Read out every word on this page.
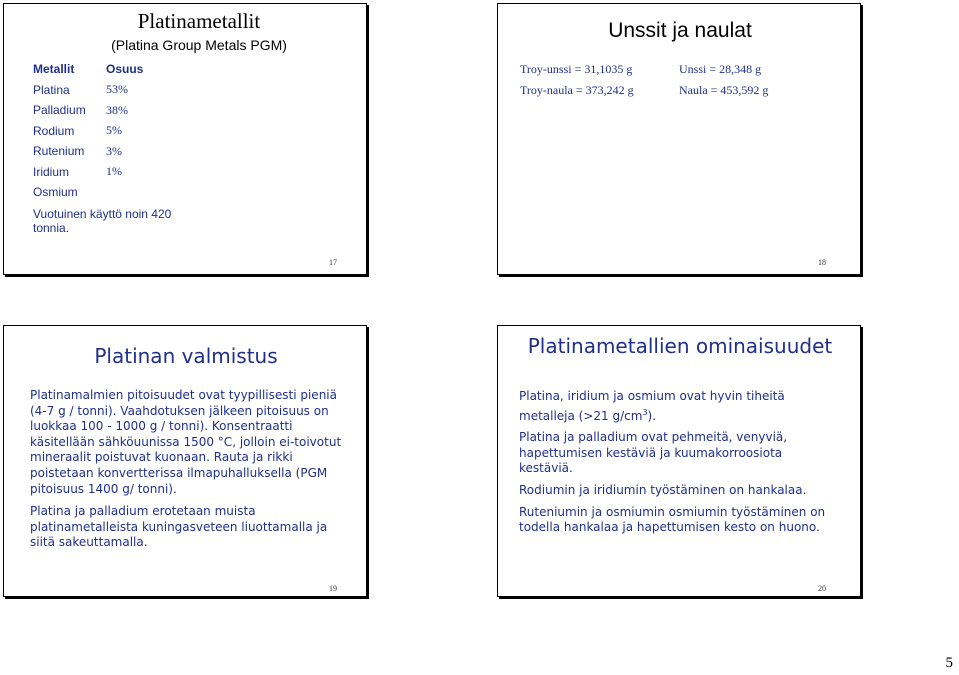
Platinametallit
(Platina Group Metals PGM)
Metallit	Osuus
Platina	53%
Palladium	38%
Rodium	5%
Rutenium	3%
Iridium	1%
Osmium	
Vuotuinen käyttö noin 420 tonnia.
17
Unssit ja naulat
Troy-unssi = 31,1035 g	Unssi = 28,348 g
Troy-naula = 373,242 g	Naula = 453,592 g
18
Platinan valmistus

Platinamalmien pitoisuudet ovat tyypillisesti pieniä (4-7 g / tonni). Vaahdotuksen jälkeen pitoisuus on luokkaa 100 - 1000 g / tonni). Konsentraatti käsitellään sähköuunissa 1500 °C, jolloin ei-toivotut mineraalit poistuvat kuonaan. Rauta ja rikki poistetaan konvertterissa ilmapuhalluksella (PGM pitoisuus 1400 g/ tonni).

Platina ja palladium erotetaan muista platinametalleista kuningasveteen liuottamalla ja siitä sakeuttamalla.

19
Platinametallien ominaisuudet

Platina, iridium ja osmium ovat hyvin tiheitä metalleja (>21 $g/cm^3$).

Platina ja palladium ovat pehmeitä, venyviä, hapettumisen kestäviä ja kuumakorroosiota kestäviä.

Rodiumin ja iridiumin työstäminen on hankalaa.

Ruteniumin ja osmiumin osmiumin työstäminen on todella hankalaa ja hapettumisen kesto on huono.

20
5
